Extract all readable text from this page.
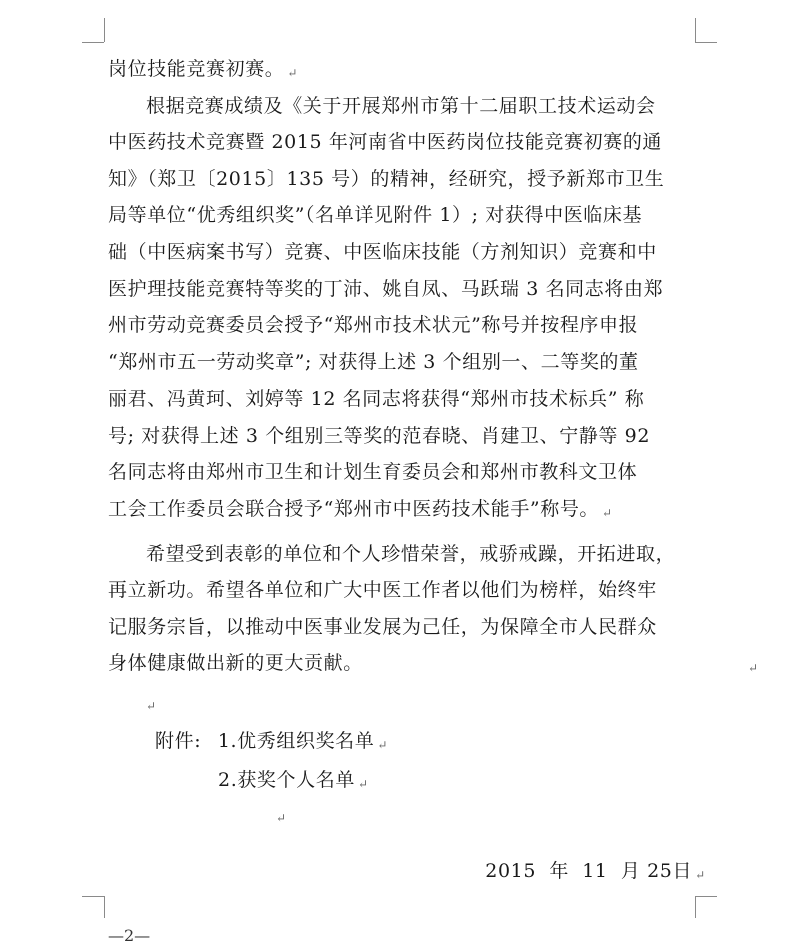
岗位技能竞赛初赛。 ↵
根据竞赛成绩及《关于开展郑州市第十二届职工技术运动会
中医药技术竞赛暨 2015 年河南省中医药岗位技能竞赛初赛的通
知》（郑卫〔2015〕135 号）的精神，经研究，授予新郑市卫生
局等单位“优秀组织奖”（名单详见附件 1）; 对获得中医临床基
础（中医病案书写）竞赛、中医临床技能（方剂知识）竞赛和中
医护理技能竞赛特等奖的丁沛、姚自凤、马跃瑞 3 名同志将由郑
州市劳动竞赛委员会授予“郑州市技术状元”称号并按程序申报
“郑州市五一劳动奖章”; 对获得上述 3 个组别一、二等奖的董
丽君、冯黄珂、刘婷等 12 名同志将获得“郑州市技术标兵” 称
号; 对获得上述 3 个组别三等奖的范春晓、肖建卫、宁静等 92
名同志将由郑州市卫生和计划生育委员会和郑州市教科文卫体
工会工作委员会联合授予“郑州市中医药技术能手”称号。 ↵
希望受到表彰的单位和个人珍惜荣誉，戒骄戒躁，开拓进取，
再立新功。希望各单位和广大中医工作者以他们为榜样，始终牢
记服务宗旨，以推动中医事业发展为己任，为保障全市人民群众
身体健康做出新的更大贡献。	↵
↵
附件: 1.优秀组织奖名单 ↵
2.获奖个人名单 ↵
↵

2015  年  11  月 25日 ↵

—2—
